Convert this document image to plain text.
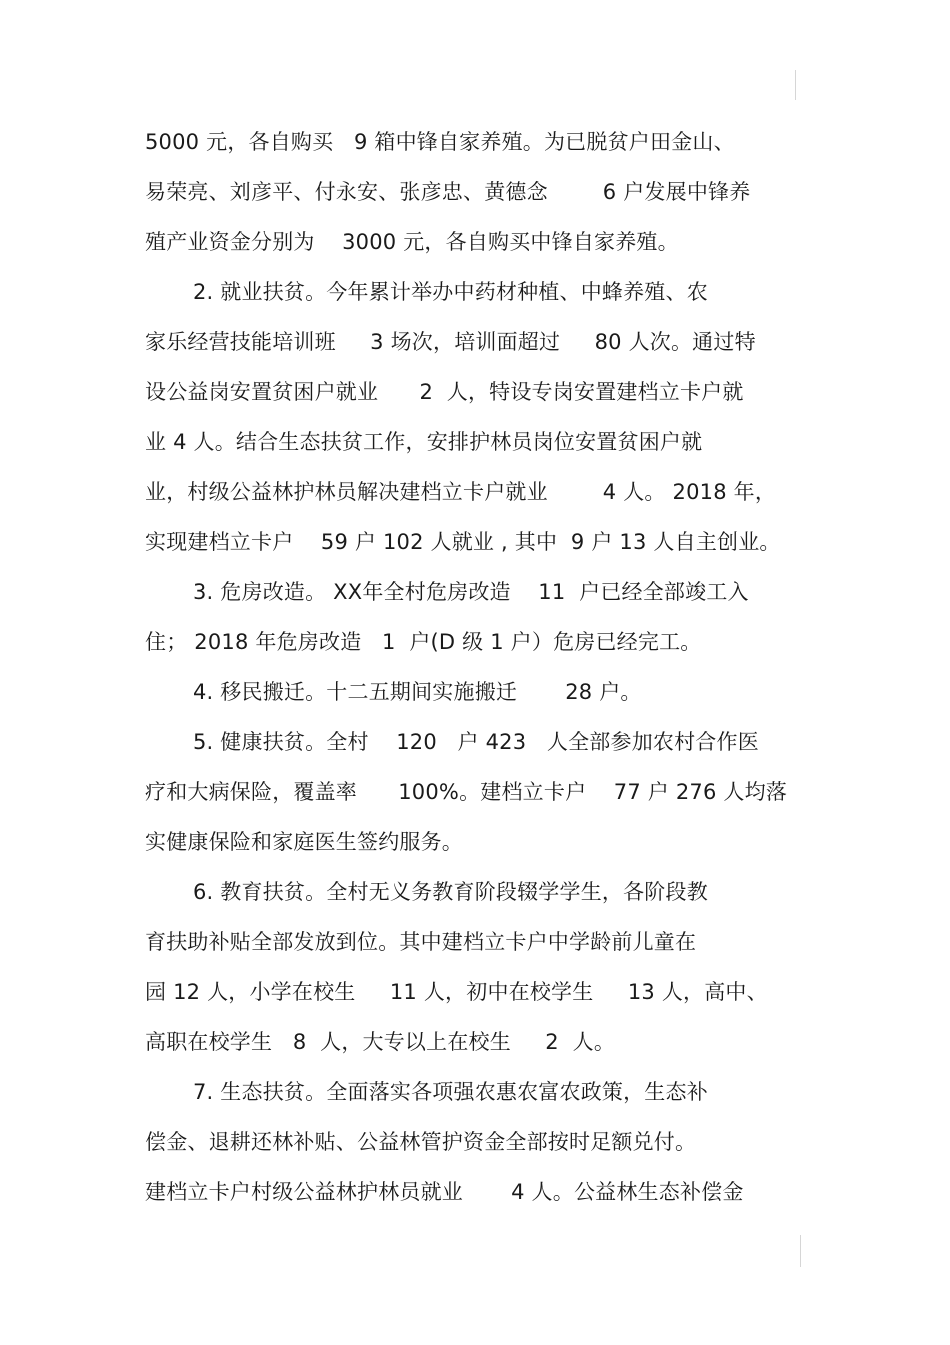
5000 元，各自购买   9 箱中锋自家养殖。为已脱贫户田金山、
易荣亮、刘彦平、付永安、张彦忠、黄德念        6 户发展中锋养
殖产业资金分别为    3000 元，各自购买中锋自家养殖。
2. 就业扶贫。今年累计举办中药材种植、中蜂养殖、农
家乐经营技能培训班     3 场次，培训面超过     80 人次。通过特
设公益岗安置贫困户就业      2  人，特设专岗安置建档立卡户就
业 4 人。结合生态扶贫工作，安排护林员岗位安置贫困户就
业，村级公益林护林员解决建档立卡户就业        4 人。 2018 年，
实现建档立卡户    59 户 102 人就业 , 其中  9 户 13 人自主创业。
3. 危房改造。 XX年全村危房改造    11  户已经全部竣工入
住； 2018 年危房改造   1  户(D 级 1 户）危房已经完工。
4. 移民搬迁。十二五期间实施搬迁       28 户。
5. 健康扶贫。全村    120   户 423   人全部参加农村合作医
疗和大病保险，覆盖率      100%。建档立卡户    77 户 276 人均落
实健康保险和家庭医生签约服务。
6. 教育扶贫。全村无义务教育阶段辍学学生，各阶段教
育扶助补贴全部发放到位。其中建档立卡户中学龄前儿童在
园 12 人，小学在校生     11 人，初中在校学生     13 人，高中、
高职在校学生   8  人，大专以上在校生     2  人。
7. 生态扶贫。全面落实各项强农惠农富农政策，生态补
偿金、退耕还林补贴、公益林管护资金全部按时足额兑付。
建档立卡户村级公益林护林员就业       4 人。公益林生态补偿金
